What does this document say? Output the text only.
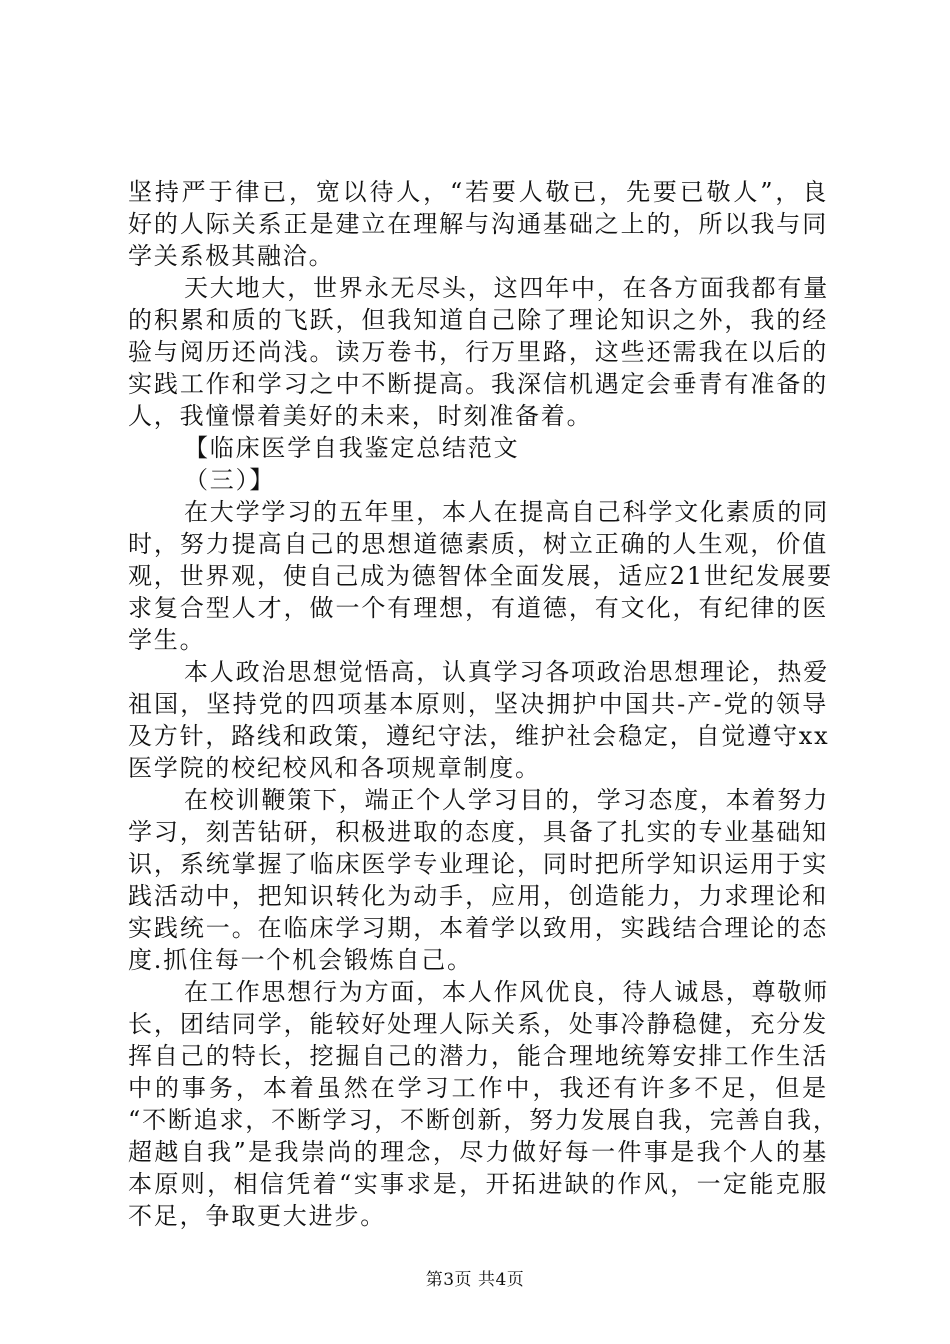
坚持严于律已，宽以待人，“若要人敬已，先要已敬人”，良
好的人际关系正是建立在理解与沟通基础之上的，所以我与同
学关系极其融洽。
天大地大，世界永无尽头，这四年中，在各方面我都有量
的积累和质的飞跃，但我知道自己除了理论知识之外，我的经
验与阅历还尚浅。读万卷书，行万里路，这些还需我在以后的
实践工作和学习之中不断提高。我深信机遇定会垂青有准备的
人，我憧憬着美好的未来，时刻准备着。
【临床医学自我鉴定总结范文
（三）】
在大学学习的五年里，本人在提高自己科学文化素质的同
时，努力提高自己的思想道德素质，树立正确的人生观，价值
观，世界观，使自己成为德智体全面发展，适应21世纪发展要
求复合型人才，做一个有理想，有道德，有文化，有纪律的医
学生。
本人政治思想觉悟高，认真学习各项政治思想理论，热爱
祖国，坚持党的四项基本原则，坚决拥护中国共-产-党的领导
及方针，路线和政策，遵纪守法，维护社会稳定，自觉遵守xx
医学院的校纪校风和各项规章制度。
在校训鞭策下，端正个人学习目的，学习态度，本着努力
学习，刻苦钻研，积极进取的态度，具备了扎实的专业基础知
识，系统掌握了临床医学专业理论，同时把所学知识运用于实
践活动中，把知识转化为动手，应用，创造能力，力求理论和
实践统一。在临床学习期，本着学以致用，实践结合理论的态
度.抓住每一个机会锻炼自己。
在工作思想行为方面，本人作风优良，待人诚恳，尊敬师
长，团结同学，能较好处理人际关系，处事冷静稳健，充分发
挥自己的特长，挖掘自己的潜力，能合理地统筹安排工作生活
中的事务，本着虽然在学习工作中，我还有许多不足，但是
“不断追求，不断学习，不断创新，努力发展自我，完善自我，
超越自我”是我崇尚的理念，尽力做好每一件事是我个人的基
本原则，相信凭着“实事求是，开拓进缺的作风，一定能克服
不足，争取更大进步。
第3页 共4页
